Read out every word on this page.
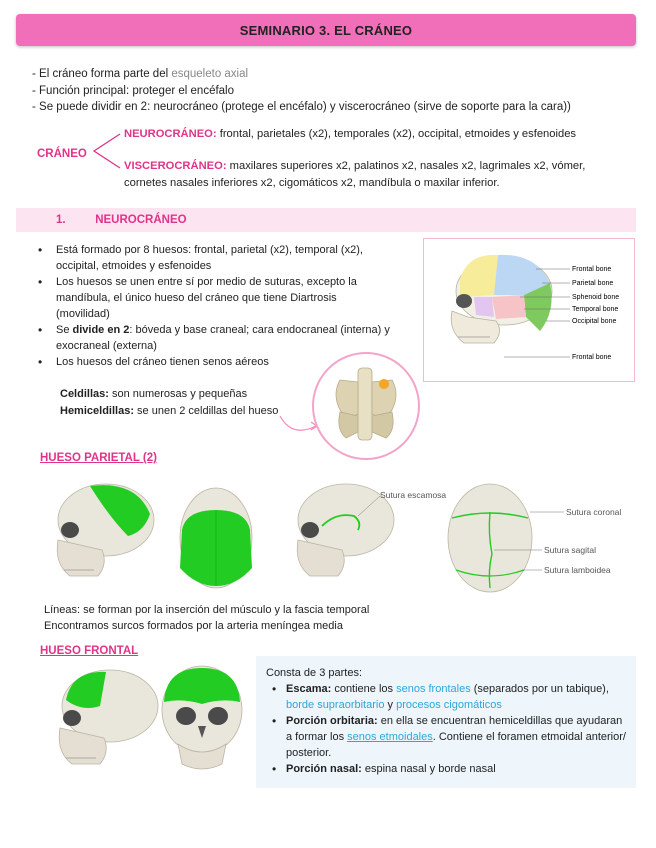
SEMINARIO 3. EL CRÁNEO
- El cráneo forma parte del esqueleto axial
- Función principal: proteger el encéfalo
- Se puede dividir en 2: neurocráneo (protege el encéfalo) y viscerocráneo (sirve de soporte para la cara))
CRÁNEO
NEUROCRÁNEO: frontal, parietales (x2), temporales (x2), occipital, etmoides y esfenoides
VISCEROCRÁNEO: maxilares superiores x2, palatinos x2, nasales x2, lagrimales x2, vómer, cornetes nasales inferiores x2, cigomáticos x2, mandíbula o maxilar inferior.
1.	NEUROCRÁNEO
• Está formado por 8 huesos: frontal, parietal (x2), temporal (x2), occipital, etmoides y esfenoides
• Los huesos se unen entre sí por medio de suturas, excepto la mandíbula, el único hueso del cráneo que tiene Diartrosis (movilidad)
• Se divide en 2: bóveda y base craneal; cara endocraneal (interna) y exocraneal (externa)
• Los huesos del cráneo tienen senos aéreos
Celdillas: son numerosas y pequeñas
Hemiceldillas: se unen 2 celdillas del hueso
Frontal bone
Parietal bone
Sphenoid bone
Temporal bone
Occipital bone
Frontal bone
HUESO PARIETAL (2)
Sutura escamosa
Sutura coronal
Sutura sagital
Sutura lamboidea
Líneas: se forman por la inserción del músculo y la fascia temporal
Encontramos surcos formados por la arteria meníngea media
HUESO FRONTAL
Consta de 3 partes:
• Escama: contiene los senos frontales (separados por un tabique), borde supraorbitario y procesos cigomáticos
• Porción orbitaria: en ella se encuentran hemiceldillas que ayudaran a formar los senos etmoidales. Contiene el foramen etmoidal anterior/ posterior.
• Porción nasal: espina nasal y borde nasal
